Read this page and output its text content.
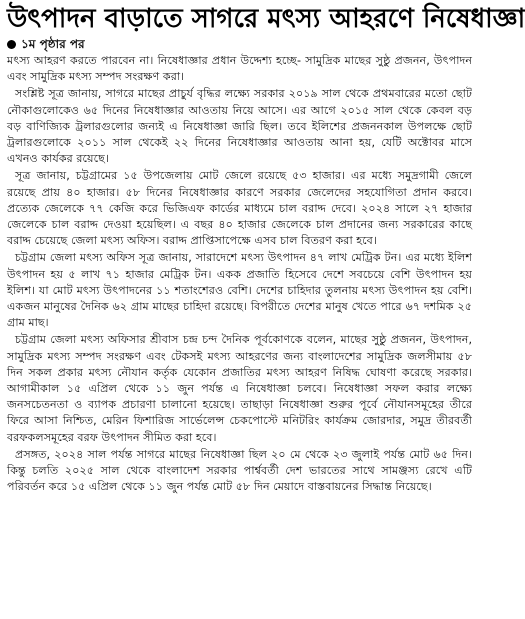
উৎপাদন বাড়াতে সাগরে মৎস্য আহরণে নিষেধাজ্ঞা
১ম পৃষ্ঠার পর

মৎস্য আহরণ করতে পারবেন না। নিষেধাজ্ঞার প্রধান উদ্দেশ্য হচ্ছে- সামুদ্রিক মাছের সুষ্ঠু প্রজনন, উৎপাদন এবং সামুদ্রিক মৎস্য সম্পদ সংরক্ষণ করা।

সংশ্লিষ্ট সূত্র জানায়, সাগরে মাছের প্রাচুর্য বৃদ্ধির লক্ষ্যে সরকার ২০১৯ সাল থেকে প্রথমবারের মতো ছোট নৌকাগুলোকেও ৬৫ দিনের নিষেধাজ্ঞার আওতায় নিয়ে আসে। এর আগে ২০১৫ সাল থেকে কেবল বড় বড় বাণিজ্যিক ট্রলারগুলোর জন্যই এ নিষেধাজ্ঞা জারি ছিল। তবে ইলিশের প্রজননকাল উপলক্ষে ছোট ট্রলারগুলোকে ২০১১ সাল থেকেই ২২ দিনের নিষেধাজ্ঞার আওতায় আনা হয়, যেটি অক্টোবর মাসে এখনও কার্যকর রয়েছে।

সূত্র জানায়, চট্টগ্রামের ১৫ উপজেলায় মোট জেলে রয়েছে ৫৩ হাজার। এর মধ্যে সমুদ্রগামী জেলে রয়েছে প্রায় ৪০ হাজার। ৫৮ দিনের নিষেধাজ্ঞার কারণে সরকার জেলেদের সহযোগিতা প্রদান করবে। প্রত্যেক জেলেকে ৭৭ কেজি করে ভিজিএফ কার্ডের মাধ্যমে চাল বরাদ্দ দেবে। ২০২৪ সালে ২৭ হাজার জেলেকে চাল বরাদ্দ দেওয়া হয়েছিল। এ বছর ৪০ হাজার জেলেকে চাল প্রদানের জন্য সরকারের কাছে বরাদ্দ চেয়েছে জেলা মৎস্য অফিস। বরাদ্দ প্রাপ্তিসাপেক্ষে এসব চাল বিতরণ করা হবে।

চট্টগ্রাম জেলা মৎস্য অফিস সূত্র জানায়, সারাদেশে মৎস্য উৎপাদন ৪৭ লাখ মেট্রিক টন। এর মধ্যে ইলিশ উৎপাদন হয় ৫ লাখ ৭১ হাজার মেট্রিক টন। একক প্রজাতি হিসেবে দেশে সবচেয়ে বেশি উৎপাদন হয় ইলিশ। যা মোট মৎস্য উৎপাদনের ১১ শতাংশেরও বেশি। দেশের চাহিদার তুলনায় মৎস্য উৎপাদন হয় বেশি। একজন মানুষের দৈনিক ৬২ গ্রাম মাছের চাহিদা রয়েছে। বিপরীতে দেশের মানুষ খেতে পারে ৬৭ দশমিক ২৫ গ্রাম মাছ।

চট্টগ্রাম জেলা মৎস্য অফিসার শ্রীবাস চন্দ্র চন্দ দৈনিক পূর্বকোণকে বলেন, মাছের সুষ্ঠু প্রজনন, উৎপাদন, সামুদ্রিক মৎস্য সম্পদ সংরক্ষণ এবং টেকসই মৎস্য আহরণের জন্য বাংলাদেশের সামুদ্রিক জলসীমায় ৫৮ দিন সকল প্রকার মৎস্য নৌযান কর্তৃক যেকোন প্রজাতির মৎস্য আহরণ নিষিদ্ধ ঘোষণা করেছে সরকার। আগামীকাল ১৫ এপ্রিল থেকে ১১ জুন পর্যন্ত এ নিষেধাজ্ঞা চলবে। নিষেধাজ্ঞা সফল করার লক্ষ্যে জনসচেতনতা ও ব্যাপক প্রচারণা চালানো হয়েছে। তাছাড়া নিষেধাজ্ঞা শুরুর পূর্বে নৌযানসমূহের তীরে ফিরে আসা নিশ্চিত, মেরিন ফিশারিজ সার্ভেলেন্স চেকপোস্টে মনিটরিং কার্যক্রম জোরদার, সমুদ্র তীরবর্তী বরফকলসমূহের বরফ উৎপাদন সীমিত করা হবে।

প্রসঙ্গত, ২০২৪ সাল পর্যন্ত সাগরে মাছের নিষেধাজ্ঞা ছিল ২০ মে থেকে ২৩ জুলাই পর্যন্ত মোট ৬৫ দিন। কিন্তু চলতি ২০২৫ সাল থেকে বাংলাদেশ সরকার পার্শ্ববর্তী দেশ ভারতের সাথে সামঞ্জস্য রেখে এটি পরিবর্তন করে ১৫ এপ্রিল থেকে ১১ জুন পর্যন্ত মোট ৫৮ দিন মেয়াদে বাস্তবায়নের সিদ্ধান্ত নিয়েছে।
